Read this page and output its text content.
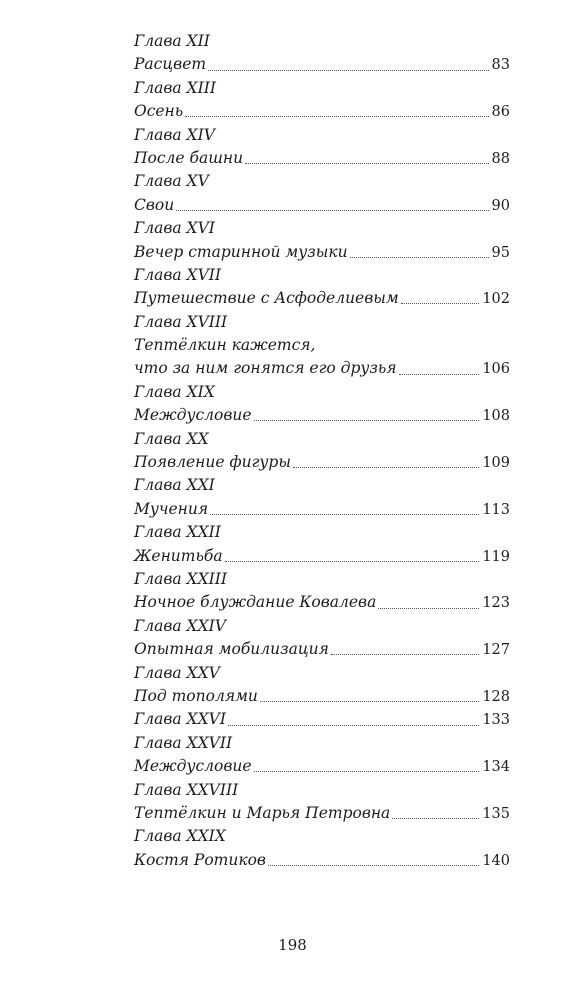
Глава XII
Расцвет	83
Глава XIII
Осень	86
Глава XIV
После башни	88
Глава XV
Свои	90
Глава XVI
Вечер старинной музыки	95
Глава XVII
Путешествие с Асфоделиевым	102
Глава XVIII
Тептёлкин кажется,
что за ним гонятся его друзья	106
Глава XIX
Междусловие	108
Глава XX
Появление фигуры	109
Глава XXI
Мучения	113
Глава XXII
Женитьба	119
Глава XXIII
Ночное блуждание Ковалева	123
Глава XXIV
Опытная мобилизация	127
Глава XXV
Под тополями	128
Глава XXVI	133
Глава XXVII
Междусловие	134
Глава XXVIII
Тептёлкин и Марья Петровна	135
Глава XXIX
Костя Ротиков	140
198
